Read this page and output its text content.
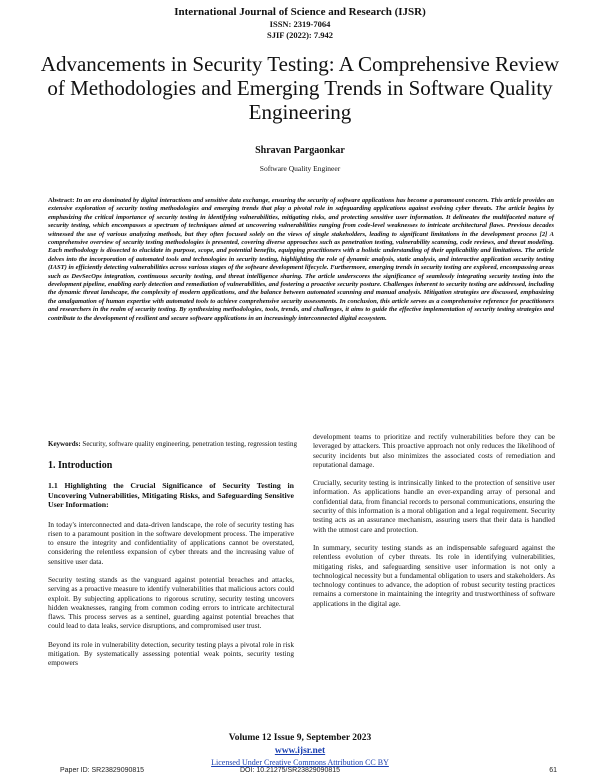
International Journal of Science and Research (IJSR)
ISSN: 2319-7064
SJIF (2022): 7.942
Advancements in Security Testing: A Comprehensive Review of Methodologies and Emerging Trends in Software Quality Engineering
Shravan Pargaonkar
Software Quality Engineer
Abstract: In an era dominated by digital interactions and sensitive data exchange, ensuring the security of software applications has become a paramount concern. This article provides an extensive exploration of security testing methodologies and emerging trends that play a pivotal role in safeguarding applications against evolving cyber threats. The article begins by emphasizing the critical importance of security testing in identifying vulnerabilities, mitigating risks, and protecting sensitive user information. It delineates the multifaceted nature of security testing, which encompasses a spectrum of techniques aimed at uncovering vulnerabilities ranging from code-level weaknesses to intricate architectural flaws. Previous decades witnessed the use of various analyzing methods, but they often focused solely on the views of single stakeholders, leading to significant limitations in the development process [2] A comprehensive overview of security testing methodologies is presented, covering diverse approaches such as penetration testing, vulnerability scanning, code reviews, and threat modeling. Each methodology is dissected to elucidate its purpose, scope, and potential benefits, equipping practitioners with a holistic understanding of their applicability and limitations. The article delves into the incorporation of automated tools and technologies in security testing, highlighting the role of dynamic analysis, static analysis, and interactive application security testing (IAST) in efficiently detecting vulnerabilities across various stages of the software development lifecycle. Furthermore, emerging trends in security testing are explored, encompassing areas such as DevSecOps integration, continuous security testing, and threat intelligence sharing. The article underscores the significance of seamlessly integrating security testing into the development pipeline, enabling early detection and remediation of vulnerabilities, and fostering a proactive security posture. Challenges inherent to security testing are addressed, including the dynamic threat landscape, the complexity of modern applications, and the balance between automated scanning and manual analysis. Mitigation strategies are discussed, emphasizing the amalgamation of human expertise with automated tools to achieve comprehensive security assessments. In conclusion, this article serves as a comprehensive reference for practitioners and researchers in the realm of security testing. By synthesizing methodologies, tools, trends, and challenges, it aims to guide the effective implementation of security testing strategies and contribute to the development of resilient and secure software applications in an increasingly interconnected digital ecosystem.
Keywords: Security, software quality engineering, penetration testing, regression testing
1. Introduction
1.1 Highlighting the Crucial Significance of Security Testing in Uncovering Vulnerabilities, Mitigating Risks, and Safeguarding Sensitive User Information:

In today's interconnected and data-driven landscape, the role of security testing has risen to a paramount position in the software development process. The imperative to ensure the integrity and confidentiality of applications cannot be overstated, considering the relentless expansion of cyber threats and the increasing value of sensitive user data.

Security testing stands as the vanguard against potential breaches and attacks, serving as a proactive measure to identify vulnerabilities that malicious actors could exploit. By subjecting applications to rigorous scrutiny, security testing uncovers hidden weaknesses, ranging from common coding errors to intricate architectural flaws. This process serves as a sentinel, guarding against potential breaches that could lead to data leaks, service disruptions, and compromised user trust.

Beyond its role in vulnerability detection, security testing plays a pivotal role in risk mitigation. By systematically assessing potential weak points, security testing empowers

development teams to prioritize and rectify vulnerabilities before they can be leveraged by attackers. This proactive approach not only reduces the likelihood of security incidents but also minimizes the associated costs of remediation and reputational damage.

Crucially, security testing is intrinsically linked to the protection of sensitive user information. As applications handle an ever-expanding array of personal and confidential data, from financial records to personal communications, ensuring the security of this information is a moral obligation and a legal requirement. Security testing acts as an assurance mechanism, assuring users that their data is handled with the utmost care and protection.

In summary, security testing stands as an indispensable safeguard against the relentless evolution of cyber threats. Its role in identifying vulnerabilities, mitigating risks, and safeguarding sensitive user information is not only a technological necessity but a fundamental obligation to users and stakeholders. As technology continues to advance, the adoption of robust security testing practices remains a cornerstone in maintaining the integrity and trustworthiness of software applications in the digital age.

Volume 12 Issue 9, September 2023
www.ijsr.net
Licensed Under Creative Commons Attribution CC BY
Paper ID: SR23829090815	DOI: 10.21275/SR23829090815	61
